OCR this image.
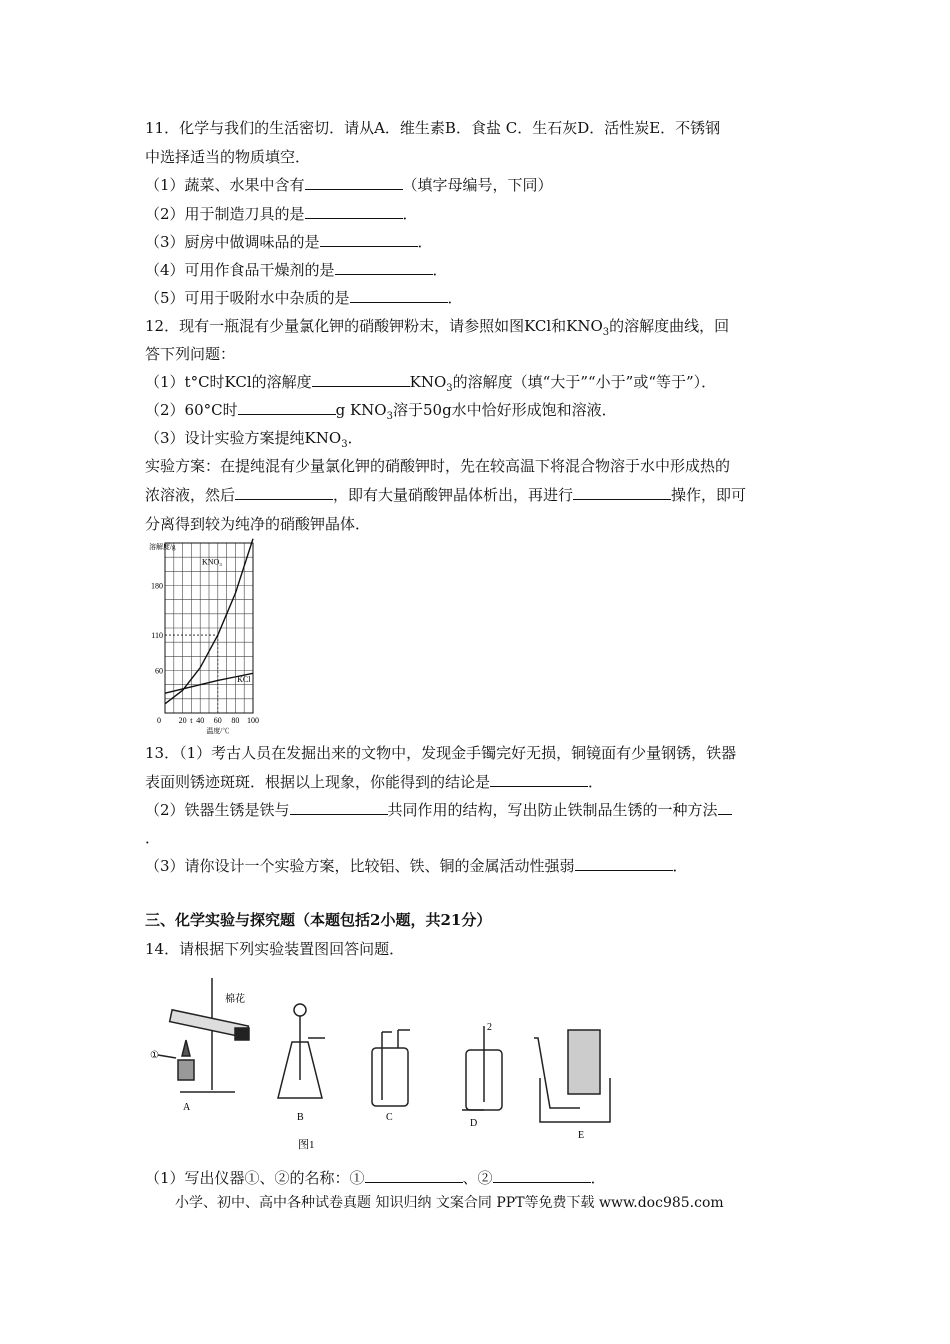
11．化学与我们的生活密切．请从A．维生素B．食盐 C．生石灰D．活性炭E．不锈钢
中选择适当的物质填空．
（1）蔬菜、水果中含有	（填字母编号，下同）
（2）用于制造刀具的是	．
（3）厨房中做调味品的是	．
（4）可用作食品干燥剂的是	．
（5）可用于吸附水中杂质的是	．
12．现有一瓶混有少量氯化钾的硝酸钾粉末，请参照如图KCl和$KNO_3$的溶解度曲线，回
答下列问题：
（1）t°C时KCl的溶解度	$KNO_3$的溶解度（填“大于”“小于”或“等于”）．
（2）60°C时	g $KNO_3$溶于50g水中恰好形成饱和溶液．
（3）设计实验方案提纯$KNO_3$．
实验方案：在提纯混有少量氯化钾的硝酸钾时，先在较高温下将混合物溶于水中形成热的
浓溶液，然后	，即有大量硝酸钾晶体析出，再进行	操作，即可
分离得到较为纯净的硝酸钾晶体．
60
110
180
0 20 t 40 60 80 100
溶解度/g
温度/℃
KNO₃
KCl
13．（1）考古人员在发掘出来的文物中，发现金手镯完好无损，铜镜面有少量钢锈，铁器
表面则锈迹斑斑．根据以上现象，你能得到的结论是	．
（2）铁器生锈是铁与	共同作用的结构，写出防止铁制品生锈的一种方法
．
（3）请你设计一个实验方案，比较铝、铁、铜的金属活动性强弱	．
三、化学实验与探究题（本题包括2小题，共21分）
14．请根据下列实验装置图回答问题．
棉花
①
A
B	C
2
D
E
图1
（1）写出仪器①、②的名称：①	、②	．
小学、初中、高中各种试卷真题 知识归纳 文案合同 PPT等免费下载 www.doc985.com
